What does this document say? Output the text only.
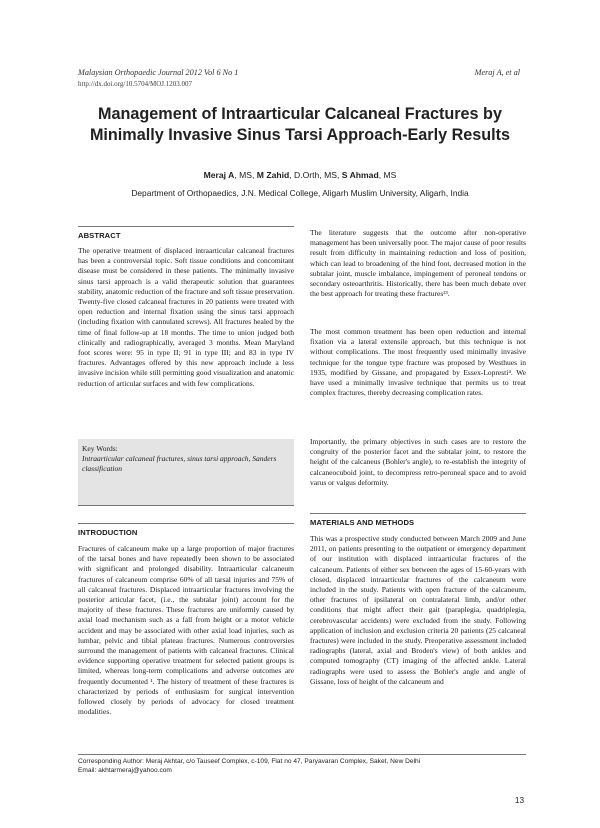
Malaysian Orthopaedic Journal 2012 Vol 6 No 1
http://dx.doi.org/10.5704/MOJ.1203.007
Meraj A, et al
Management of Intraarticular Calcaneal Fractures by Minimally Invasive Sinus Tarsi Approach-Early Results
Meraj A, MS, M Zahid, D.Orth, MS, S Ahmad, MS
Department of Orthopaedics, J.N. Medical College, Aligarh Muslim University, Aligarh, India
ABSTRACT

The operative treatment of displaced intraarticular calcaneal fractures has been a controversial topic. Soft tissue conditions and concomitant disease must be considered in these patients. The minimally invasive sinus tarsi approach is a valid therapeutic solution that guarantees stability, anatomic reduction of the fracture and soft tissue preservation. Twenty-five closed calcaneal fractures in 20 patients were treated with open reduction and internal fixation using the sinus tarsi approach (including fixation with cannulated screws). All fractures healed by the time of final follow-up at 18 months. The time to union judged both clinically and radiographically, averaged 3 months. Mean Maryland foot scores were: 95 in type II; 91 in type III; and 83 in type IV fractures. Advantages offered by this new approach include a less invasive incision while still permitting good visualization and anatomic reduction of articular surfaces and with few complications.

Key Words:
Intraarticular calcaneal fractures, sinus tarsi approach, Sanders classification
INTRODUCTION

Fractures of calcaneum make up a large proportion of major fractures of the tarsal bones and have repeatedly been shown to be associated with significant and prolonged disability. Intraarticular calcaneum fractures of calcaneum comprise 60% of all tarsal injuries and 75% of all calcaneal fractures. Displaced intraarticular fractures involving the posterior articular facet, (i.e., the subtalar joint) account for the majority of these fractures. These fractures are uniformly caused by axial load mechanism such as a fall from height or a motor vehicle accident and may be associated with other axial load injuries, such as lumbar, pelvic and tibial plateau fractures. Numerous controversies surround the management of patients with calcaneal fractures. Clinical evidence supporting operative treatment for selected patient groups is limited, whereas long-term complications and adverse outcomes are frequently documented ¹. The history of treatment of these fractures is characterized by periods of enthusiasm for surgical intervention followed closely by periods of advocacy for closed treatment modalities.

The literature suggests that the outcome after non-operative management has been universally poor. The major cause of poor results result from difficulty in maintaining reduction and loss of position, which can lead to broadening of the hind foot, decreased motion in the subtalar joint, muscle imbalance, impingement of peroneal tendons or secondary osteoarthritis. Historically, there has been much debate over the best approach for treating these fractures²³.

The most common treatment has been open reduction and internal fixation via a lateral extensile approach, but this technique is not without complications. The most frequently used minimally invasive technique for the tongue type fracture was proposed by Westhues in 1935, modified by Gissane, and propagated by Essex-Lopresti⁴. We have used a minimally invasive technique that permits us to treat complex fractures, thereby decreasing complication rates.

Importantly, the primary objectives in such cases are to restore the congruity of the posterior facet and the subtalar joint, to restore the height of the calcaneus (Bohler's angle), to re-establish the integrity of calcaneocuboid joint, to decompress retro-peroneal space and to avoid varus or valgus deformity.

MATERIALS AND METHODS

This was a prospective study conducted between March 2009 and June 2011, on patients presenting to the outpatient or emergency department of our institution with displaced intraarticular fractures of the calcaneum. Patients of either sex between the ages of 15-60-years with closed, displaced intraarticular fractures of the calcaneum were included in the study. Patients with open fracture of the calcaneum, other fractures of ipsilateral on contralateral limb, and/or other conditions that might affect their gait (paraplegia, quadriplegia, cerebrovascular accidents) were excluded from the study. Following application of inclusion and exclusion criteria 20 patients (25 calcaneal fractures) were included in the study. Preoperative assessment included radiographs (lateral, axial and Broden's view) of both ankles and computed tomography (CT) imaging of the affected ankle. Lateral radiographs were used to assess the Bohler's angle and angle of Gissane, loss of height of the calcaneum and

Corresponding Author: Meraj Akhtar, c/o Tauseef Complex, c-109, Flat no 47, Paryavaran Complex, Saket, New Delhi
Email: akhtarmeraj@yahoo.com
13
